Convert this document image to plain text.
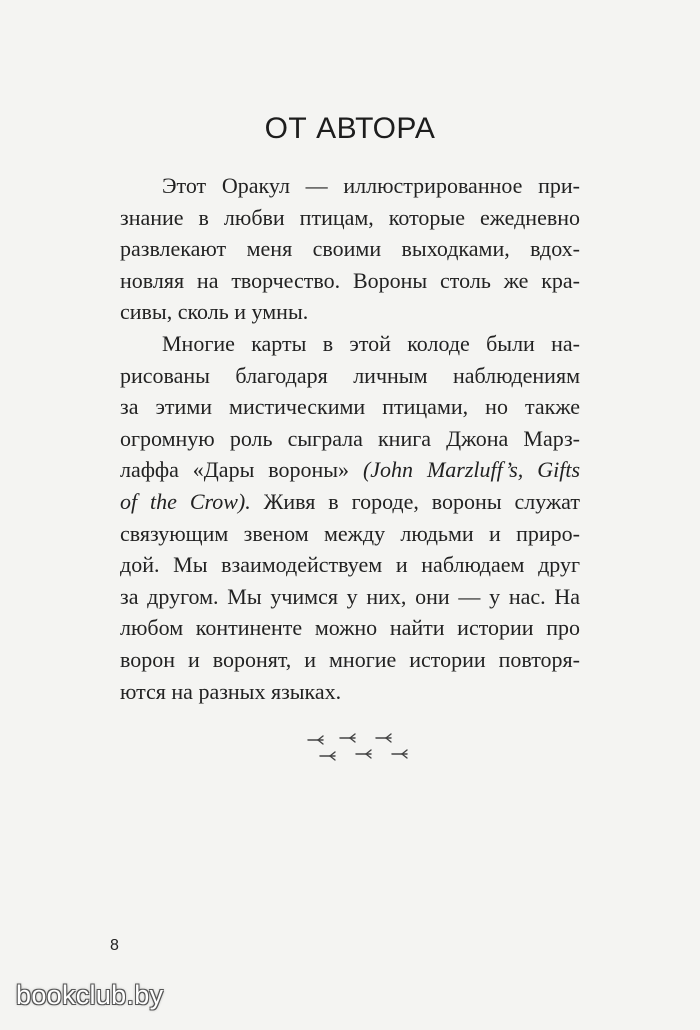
ОТ АВТОРА

Этот Оракул — иллюстрированное при-
знание в любви птицам, которые ежедневно
развлекают меня своими выходками, вдох-
новляя на творчество. Вороны столь же кра-
сивы, сколь и умны.

Многие карты в этой колоде были на-
рисованы благодаря личным наблюдениям
за этими мистическими птицами, но также
огромную роль сыграла книга Джона Марз-
лаффа «Дары вороны» (John Marzluff’s, Gifts
of the Crow). Живя в городе, вороны служат
связующим звеном между людьми и приро-
дой. Мы взаимодействуем и наблюдаем друг
за другом. Мы учимся у них, они — у нас. На
любом континенте можно найти истории про
ворон и воронят, и многие истории повторя-
ются на разных языках.

8
bookclub.by
